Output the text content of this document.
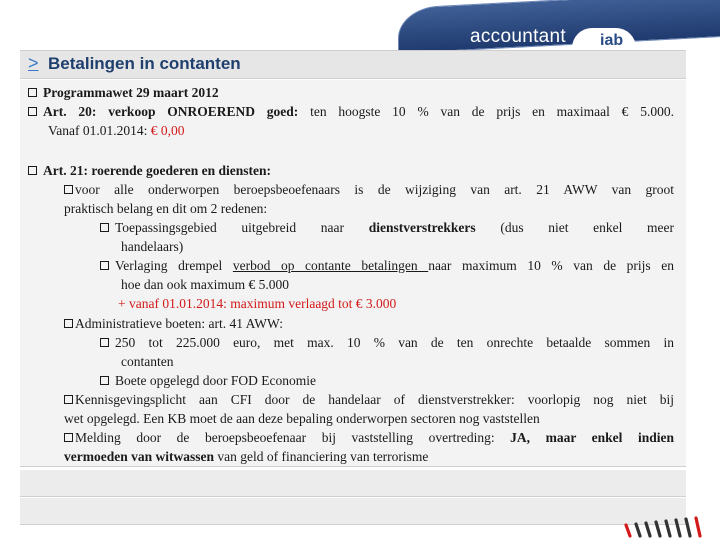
accountant iab
> Betalingen in contanten
Programmawet 29 maart 2012
Art. 20: verkoop ONROEREND goed: ten hoogste 10 % van de prijs en maximaal € 5.000.
Vanaf 01.01.2014: € 0,00
Art. 21: roerende goederen en diensten:
voor alle onderworpen beroepsbeoefenaars is de wijziging van art. 21 AWW van groot
praktisch belang en dit om 2 redenen:
Toepassingsgebied uitgebreid naar dienstverstrekkers (dus niet enkel meer
handelaars)
Verlaging drempel verbod op contante betalingen naar maximum 10 % van de prijs en
hoe dan ook maximum € 5.000
+ vanaf 01.01.2014: maximum verlaagd tot € 3.000
Administratieve boeten: art. 41 AWW:
250 tot 225.000 euro, met max. 10 % van de ten onrechte betaalde sommen in
contanten
Boete opgelegd door FOD Economie
Kennisgevingsplicht aan CFI door de handelaar of dienstverstrekker: voorlopig nog niet bij
wet opgelegd. Een KB moet de aan deze bepaling onderworpen sectoren nog vaststellen
Melding door de beroepsbeoefenaar bij vaststelling overtreding: JA, maar enkel indien
vermoeden van witwassen van geld of financiering van terrorisme
